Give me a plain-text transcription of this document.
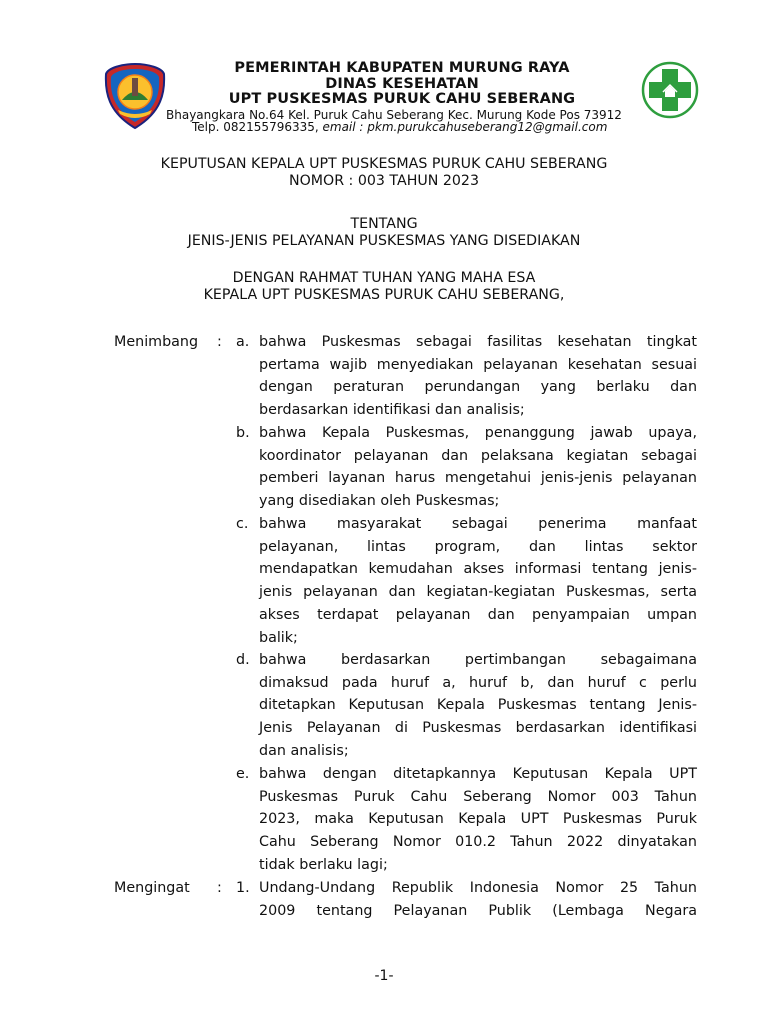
PEMERINTAH KABUPATEN MURUNG RAYA
DINAS KESEHATAN
UPT PUSKESMAS PURUK CAHU SEBERANG
Bhayangkara No.64 Kel. Puruk Cahu Seberang Kec. Murung Kode Pos 73912
Telp. 082155796335, email : pkm.purukcahuseberang12@gmail.com
KEPUTUSAN KEPALA UPT PUSKESMAS PURUK CAHU SEBERANG
NOMOR : 003 TAHUN 2023
TENTANG
JENIS-JENIS PELAYANAN PUSKESMAS YANG DISEDIAKAN
DENGAN RAHMAT TUHAN YANG MAHA ESA
KEPALA UPT PUSKESMAS PURUK CAHU SEBERANG,
Menimbang : a. bahwa Puskesmas sebagai fasilitas kesehatan tingkat
pertama wajib menyediakan pelayanan kesehatan sesuai
dengan peraturan perundangan yang berlaku dan
berdasarkan identifikasi dan analisis;
b. bahwa Kepala Puskesmas, penanggung jawab upaya,
koordinator pelayanan dan pelaksana kegiatan sebagai
pemberi layanan harus mengetahui jenis-jenis pelayanan
yang disediakan oleh Puskesmas;
c. bahwa masyarakat sebagai penerima manfaat
pelayanan, lintas program, dan lintas sektor
mendapatkan kemudahan akses informasi tentang jenis-
jenis pelayanan dan kegiatan-kegiatan Puskesmas, serta
akses terdapat pelayanan dan penyampaian umpan
balik;
d. bahwa berdasarkan pertimbangan sebagaimana
dimaksud pada huruf a, huruf b, dan huruf c perlu
ditetapkan Keputusan Kepala Puskesmas tentang Jenis-
Jenis Pelayanan di Puskesmas berdasarkan identifikasi
dan analisis;
e. bahwa dengan ditetapkannya Keputusan Kepala UPT
Puskesmas Puruk Cahu Seberang Nomor 003 Tahun
2023, maka Keputusan Kepala UPT Puskesmas Puruk
Cahu Seberang Nomor 010.2 Tahun 2022 dinyatakan
tidak berlaku lagi;
Mengingat : 1. Undang-Undang Republik Indonesia Nomor 25 Tahun
2009 tentang Pelayanan Publik (Lembaga Negara
-1-
